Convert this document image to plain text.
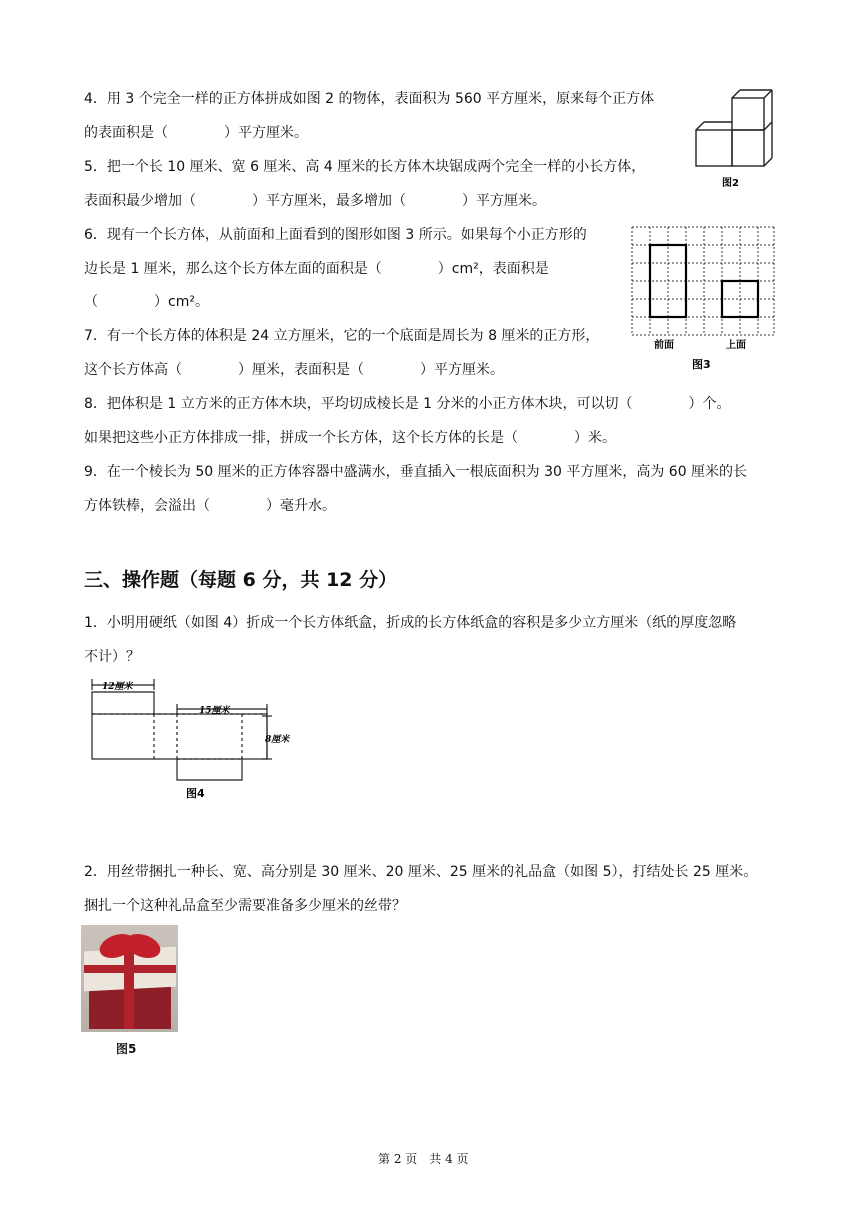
4．用 3 个完全一样的正方体拼成如图 2 的物体，表面积为 560 平方厘米，原来每个正方体
的表面积是（　　　　）平方厘米。
5．把一个长 10 厘米、宽 6 厘米、高 4 厘米的长方体木块锯成两个完全一样的小长方体，
表面积最少增加（　　　　）平方厘米，最多增加（　　　　）平方厘米。
6．现有一个长方体，从前面和上面看到的图形如图 3 所示。如果每个小正方形的
边长是 1 厘米，那么这个长方体左面的面积是（　　　　）cm²，表面积是
（　　　　）cm²。
7．有一个长方体的体积是 24 立方厘米，它的一个底面是周长为 8 厘米的正方形，
这个长方体高（　　　　）厘米，表面积是（　　　　）平方厘米。
8．把体积是 1 立方米的正方体木块，平均切成棱长是 1 分米的小正方体木块，可以切（　　　　）个。
如果把这些小正方体排成一排，拼成一个长方体，这个长方体的长是（　　　　）米。
9．在一个棱长为 50 厘米的正方体容器中盛满水，垂直插入一根底面积为 30 平方厘米，高为 60 厘米的长
方体铁棒，会溢出（　　　　）毫升水。
图2
前面	上面
图3
三、操作题（每题 6 分，共 12 分）
1．小明用硬纸（如图 4）折成一个长方体纸盒，折成的长方体纸盒的容积是多少立方厘米（纸的厚度忽略
不计）？
12厘米
15厘米
8厘米
图4
2．用丝带捆扎一种长、宽、高分别是 30 厘米、20 厘米、25 厘米的礼品盒（如图 5），打结处长 25 厘米。
捆扎一个这种礼品盒至少需要准备多少厘米的丝带？
图5
第 2 页　共 4 页
